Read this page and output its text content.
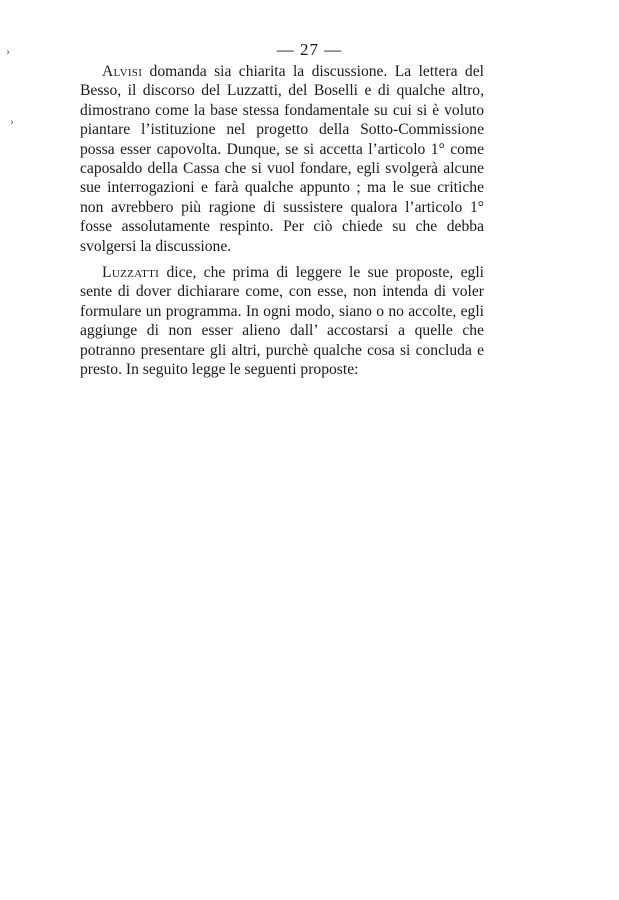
›
›
— 27 —

Alvisi domanda sia chiarita la discussione. La lettera del Besso, il discorso del Luzzatti, del Boselli e di qualche altro, dimostrano come la base stessa fondamentale su cui si è voluto piantare l’istituzione nel progetto della Sotto-Commissione possa esser capovolta. Dunque, se si accetta l’articolo 1° come caposaldo della Cassa che si vuol fondare, egli svolgerà alcune sue interrogazioni e farà qualche appunto ; ma le sue critiche non avrebbero più ragione di sussistere qualora l’articolo 1° fosse assolutamente respinto. Per ciò chiede su che debba svolgersi la discussione.

Luzzatti dice, che prima di leggere le sue proposte, egli sente di dover dichiarare come, con esse, non intenda di voler formulare un programma. In ogni modo, siano o no accolte, egli aggiunge di non esser alieno dall’ accostarsi a quelle che potranno presentare gli altri, purchè qualche cosa si concluda e presto. In seguito legge le seguenti proposte:
